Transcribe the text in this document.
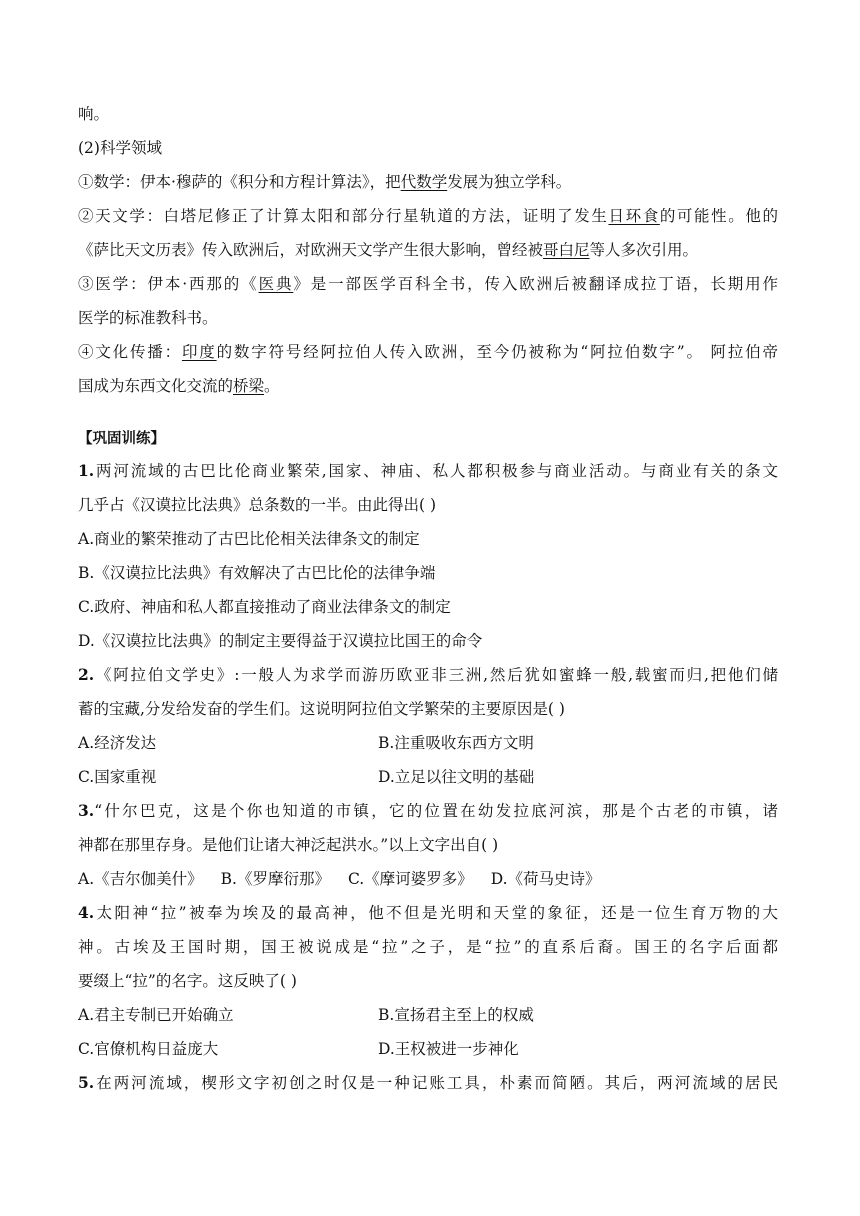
响。
(2)科学领域
①数学：伊本·穆萨的《积分和方程计算法》，把代数学发展为独立学科。
②天文学：白塔尼修正了计算太阳和部分行星轨道的方法，证明了发生日环食的可能性。他的
《萨比天文历表》传入欧洲后，对欧洲天文学产生很大影响，曾经被哥白尼等人多次引用。
③医学：伊本·西那的《医典》是一部医学百科全书，传入欧洲后被翻译成拉丁语，长期用作
医学的标准教科书。
④文化传播：印度的数字符号经阿拉伯人传入欧洲，至今仍被称为“阿拉伯数字”。 阿拉伯帝
国成为东西文化交流的桥梁。
【巩固训练】
1.两河流域的古巴比伦商业繁荣,国家、神庙、私人都积极参与商业活动。与商业有关的条文
几乎占《汉谟拉比法典》总条数的一半。由此得出( )
A.商业的繁荣推动了古巴比伦相关法律条文的制定
B.《汉谟拉比法典》有效解决了古巴比伦的法律争端
C.政府、神庙和私人都直接推动了商业法律条文的制定
D.《汉谟拉比法典》的制定主要得益于汉谟拉比国王的命令
2.《阿拉伯文学史》:一般人为求学而游历欧亚非三洲,然后犹如蜜蜂一般,载蜜而归,把他们储
蓄的宝藏,分发给发奋的学生们。这说明阿拉伯文学繁荣的主要原因是( )
A.经济发达	B.注重吸收东西方文明
C.国家重视	D.立足以往文明的基础
3.“什尔巴克，这是个你也知道的市镇，它的位置在幼发拉底河滨，那是个古老的市镇，诸
神都在那里存身。是他们让诸大神泛起洪水。”以上文字出自( )
A.《吉尔伽美什》 B.《罗摩衍那》 C.《摩诃婆罗多》 D.《荷马史诗》
4.太阳神“拉”被奉为埃及的最高神，他不但是光明和天堂的象征，还是一位生育万物的大
神。古埃及王国时期，国王被说成是“拉”之子，是“拉”的直系后裔。国王的名字后面都
要缀上“拉”的名字。这反映了( )
A.君主专制已开始确立	B.宣扬君主至上的权威
C.官僚机构日益庞大	D.王权被进一步神化
5.在两河流域，楔形文字初创之时仅是一种记账工具，朴素而简陋。其后，两河流域的居民
